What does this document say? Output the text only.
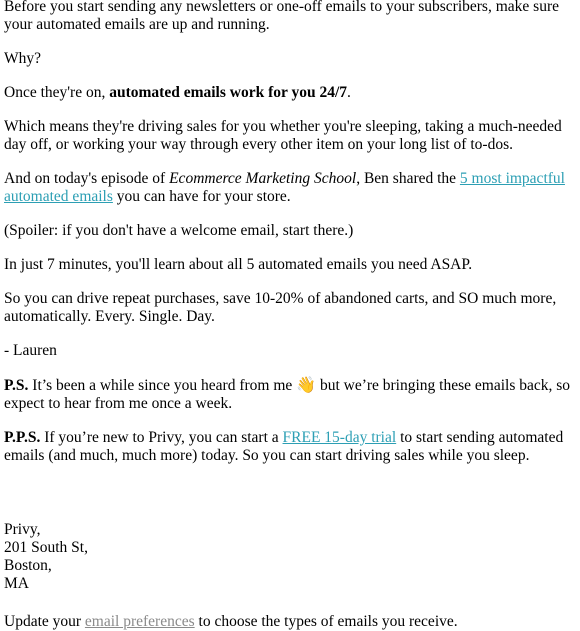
Before you start sending any newsletters or one-off emails to your subscribers, make sure your automated emails are up and running.

Why?

Once they're on, automated emails work for you 24/7.

Which means they're driving sales for you whether you're sleeping, taking a much-needed day off, or working your way through every other item on your long list of to-dos.

And on today's episode of Ecommerce Marketing School, Ben shared the 5 most impactful automated emails you can have for your store.

(Spoiler: if you don't have a welcome email, start there.)

In just 7 minutes, you'll learn about all 5 automated emails you need ASAP.

So you can drive repeat purchases, save 10-20% of abandoned carts, and SO much more, automatically. Every. Single. Day.

- Lauren

P.S. It’s been a while since you heard from me 👋 but we’re bringing these emails back, so expect to hear from me once a week.

P.P.S. If you’re new to Privy, you can start a FREE 15-day trial to start sending automated emails (and much, much more) today. So you can start driving sales while you sleep.

Privy,
201 South St,
Boston,
MA

Update your email preferences to choose the types of emails you receive.
